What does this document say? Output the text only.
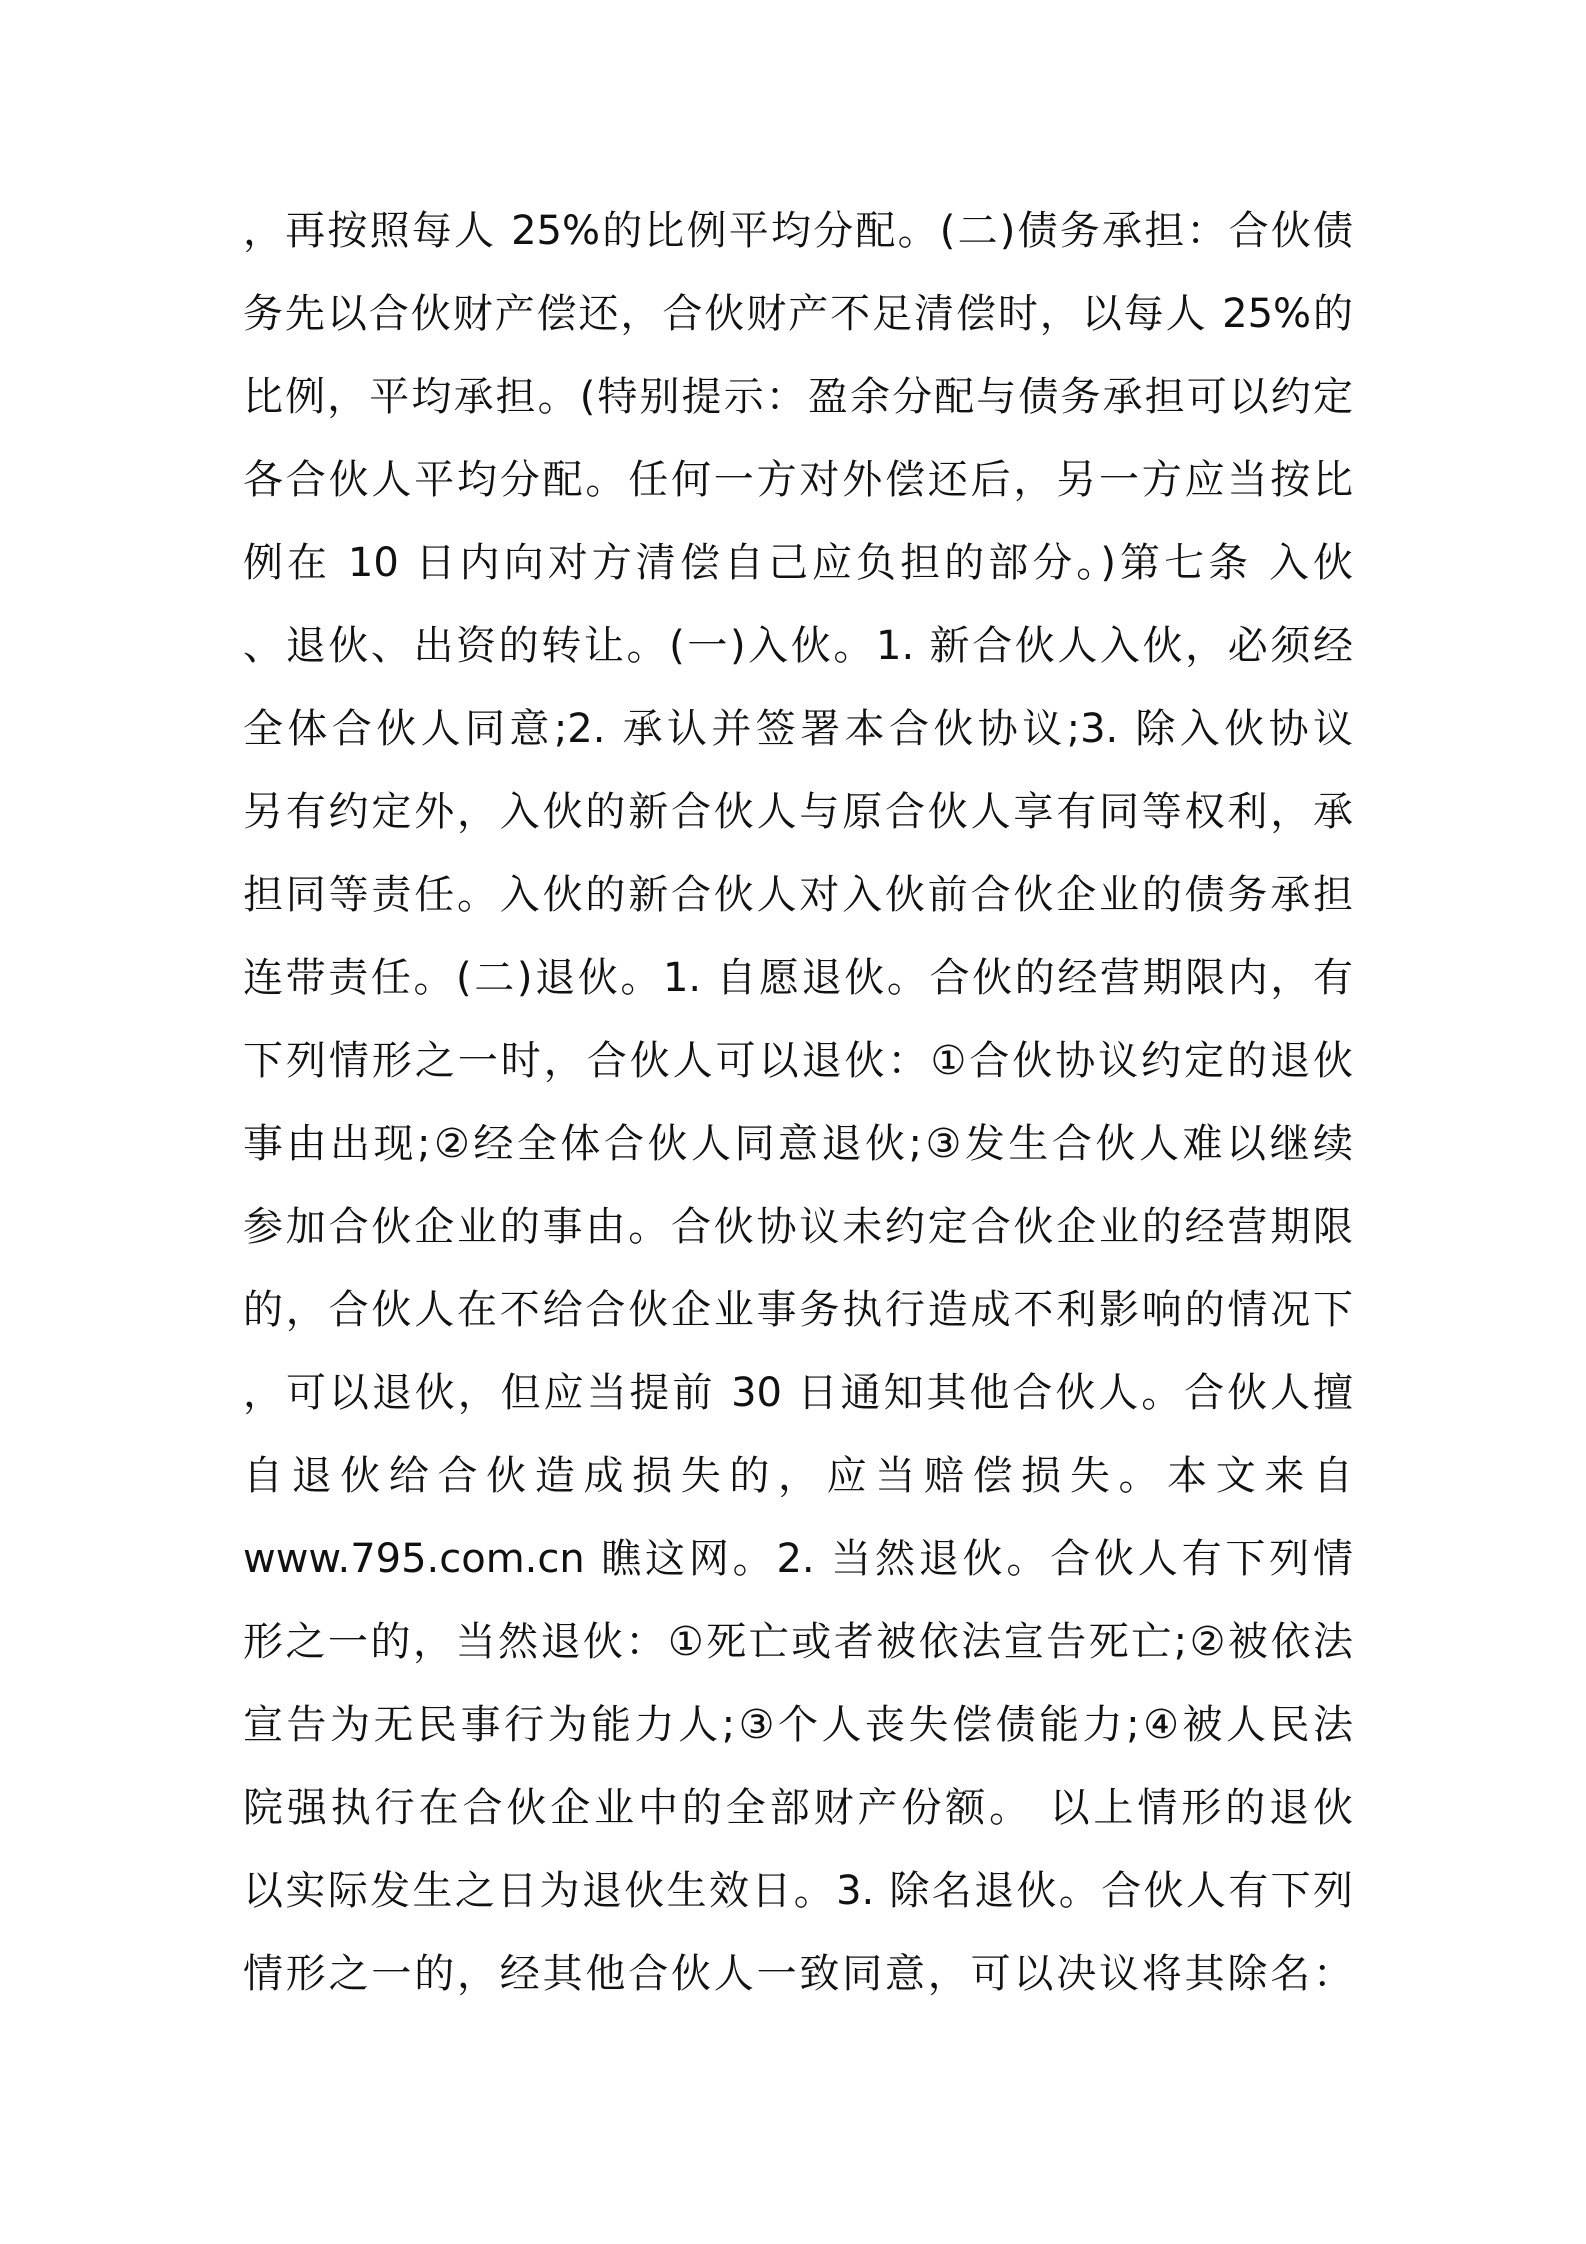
，再按照每人 25%的比例平均分配。(二)债务承担：合伙债
务先以合伙财产偿还，合伙财产不足清偿时，以每人 25%的
比例，平均承担。(特别提示：盈余分配与债务承担可以约定
各合伙人平均分配。任何一方对外偿还后，另一方应当按比
例在 10 日内向对方清偿自己应负担的部分。)第七条 入伙
、退伙、出资的转让。(一)入伙。1. 新合伙人入伙，必须经
全体合伙人同意;2. 承认并签署本合伙协议;3. 除入伙协议
另有约定外，入伙的新合伙人与原合伙人享有同等权利，承
担同等责任。入伙的新合伙人对入伙前合伙企业的债务承担
连带责任。(二)退伙。1. 自愿退伙。合伙的经营期限内，有
下列情形之一时，合伙人可以退伙：①合伙协议约定的退伙
事由出现;②经全体合伙人同意退伙;③发生合伙人难以继续
参加合伙企业的事由。合伙协议未约定合伙企业的经营期限
的，合伙人在不给合伙企业事务执行造成不利影响的情况下
，可以退伙，但应当提前 30 日通知其他合伙人。合伙人擅
自退伙给合伙造成损失的，应当赔偿损失。本文来自
www.795.com.cn 瞧这网。2. 当然退伙。合伙人有下列情
形之一的，当然退伙：①死亡或者被依法宣告死亡;②被依法
宣告为无民事行为能力人;③个人丧失偿债能力;④被人民法
院强执行在合伙企业中的全部财产份额。 以上情形的退伙
以实际发生之日为退伙生效日。3. 除名退伙。合伙人有下列
情形之一的，经其他合伙人一致同意，可以决议将其除名：
